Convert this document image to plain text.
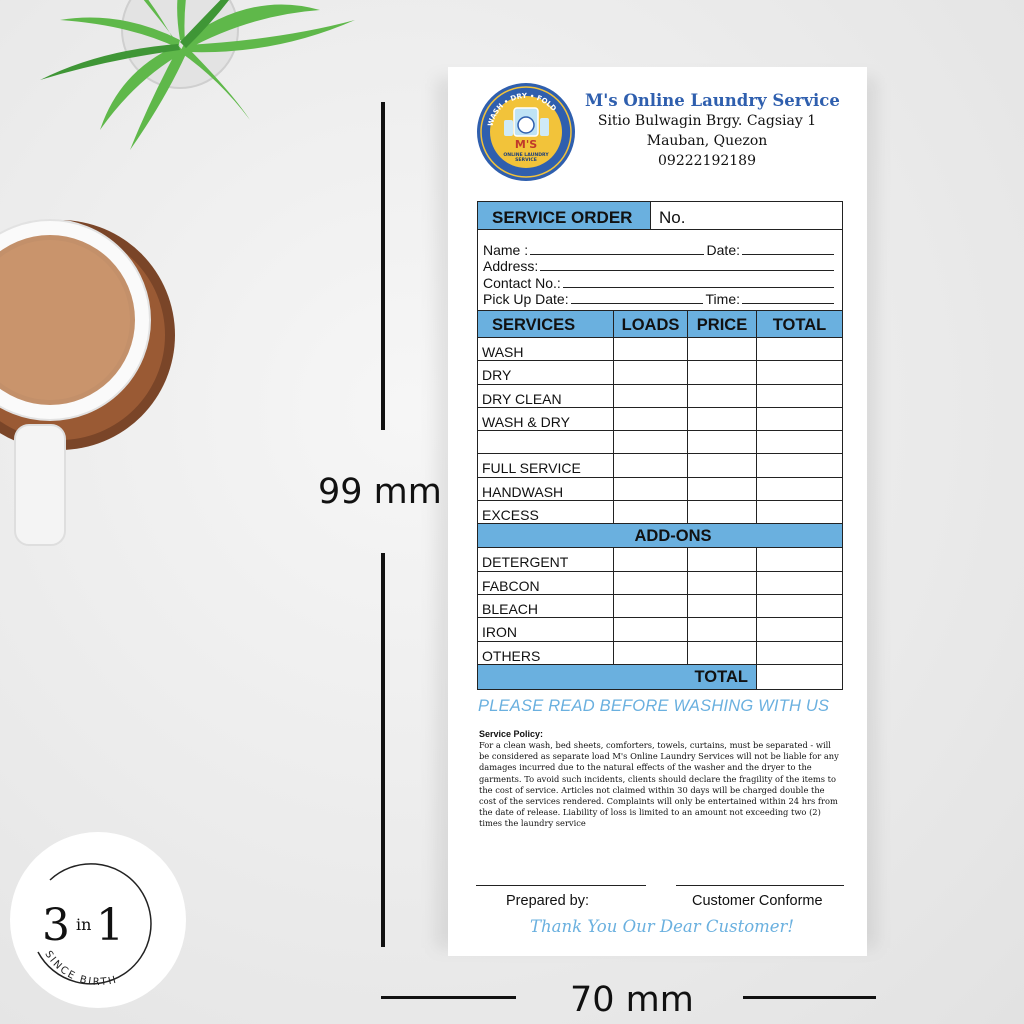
99 mm
70 mm
3 in 1
SINCE BIRTH
WASH • DRY • FOLD
M'S
ONLINE LAUNDRY
SERVICE
M's Online Laundry Service
Sitio Bulwagin Brgy. Cagsiay 1
Mauban, Quezon
09222192189
SERVICE ORDER	No.
Name :	Date:
Address:
Contact No.:
Pick Up Date:	Time:
SERVICES	LOADS	PRICE	TOTAL
WASH
DRY
DRY CLEAN
WASH & DRY
FULL SERVICE
HANDWASH
EXCESS
ADD-ONS
DETERGENT
FABCON
BLEACH
IRON
OTHERS
TOTAL
PLEASE READ BEFORE WASHING WITH US
Service Policy:
For a clean wash, bed sheets, comforters, towels, curtains, must be separated - will be considered as separate load M's Online Laundry Services will not be liable for any damages incurred due to the natural effects of the washer and the dryer to the garments. To avoid such incidents, clients should declare the fragility of the items to the cost of service. Articles not claimed within 30 days will be charged double the cost of the services rendered. Complaints will only be entertained within 24 hrs from the date of release. Liability of loss is limited to an amount not exceeding two (2) times the laundry service
Prepared by:	Customer Conforme
Thank You Our Dear Customer!
